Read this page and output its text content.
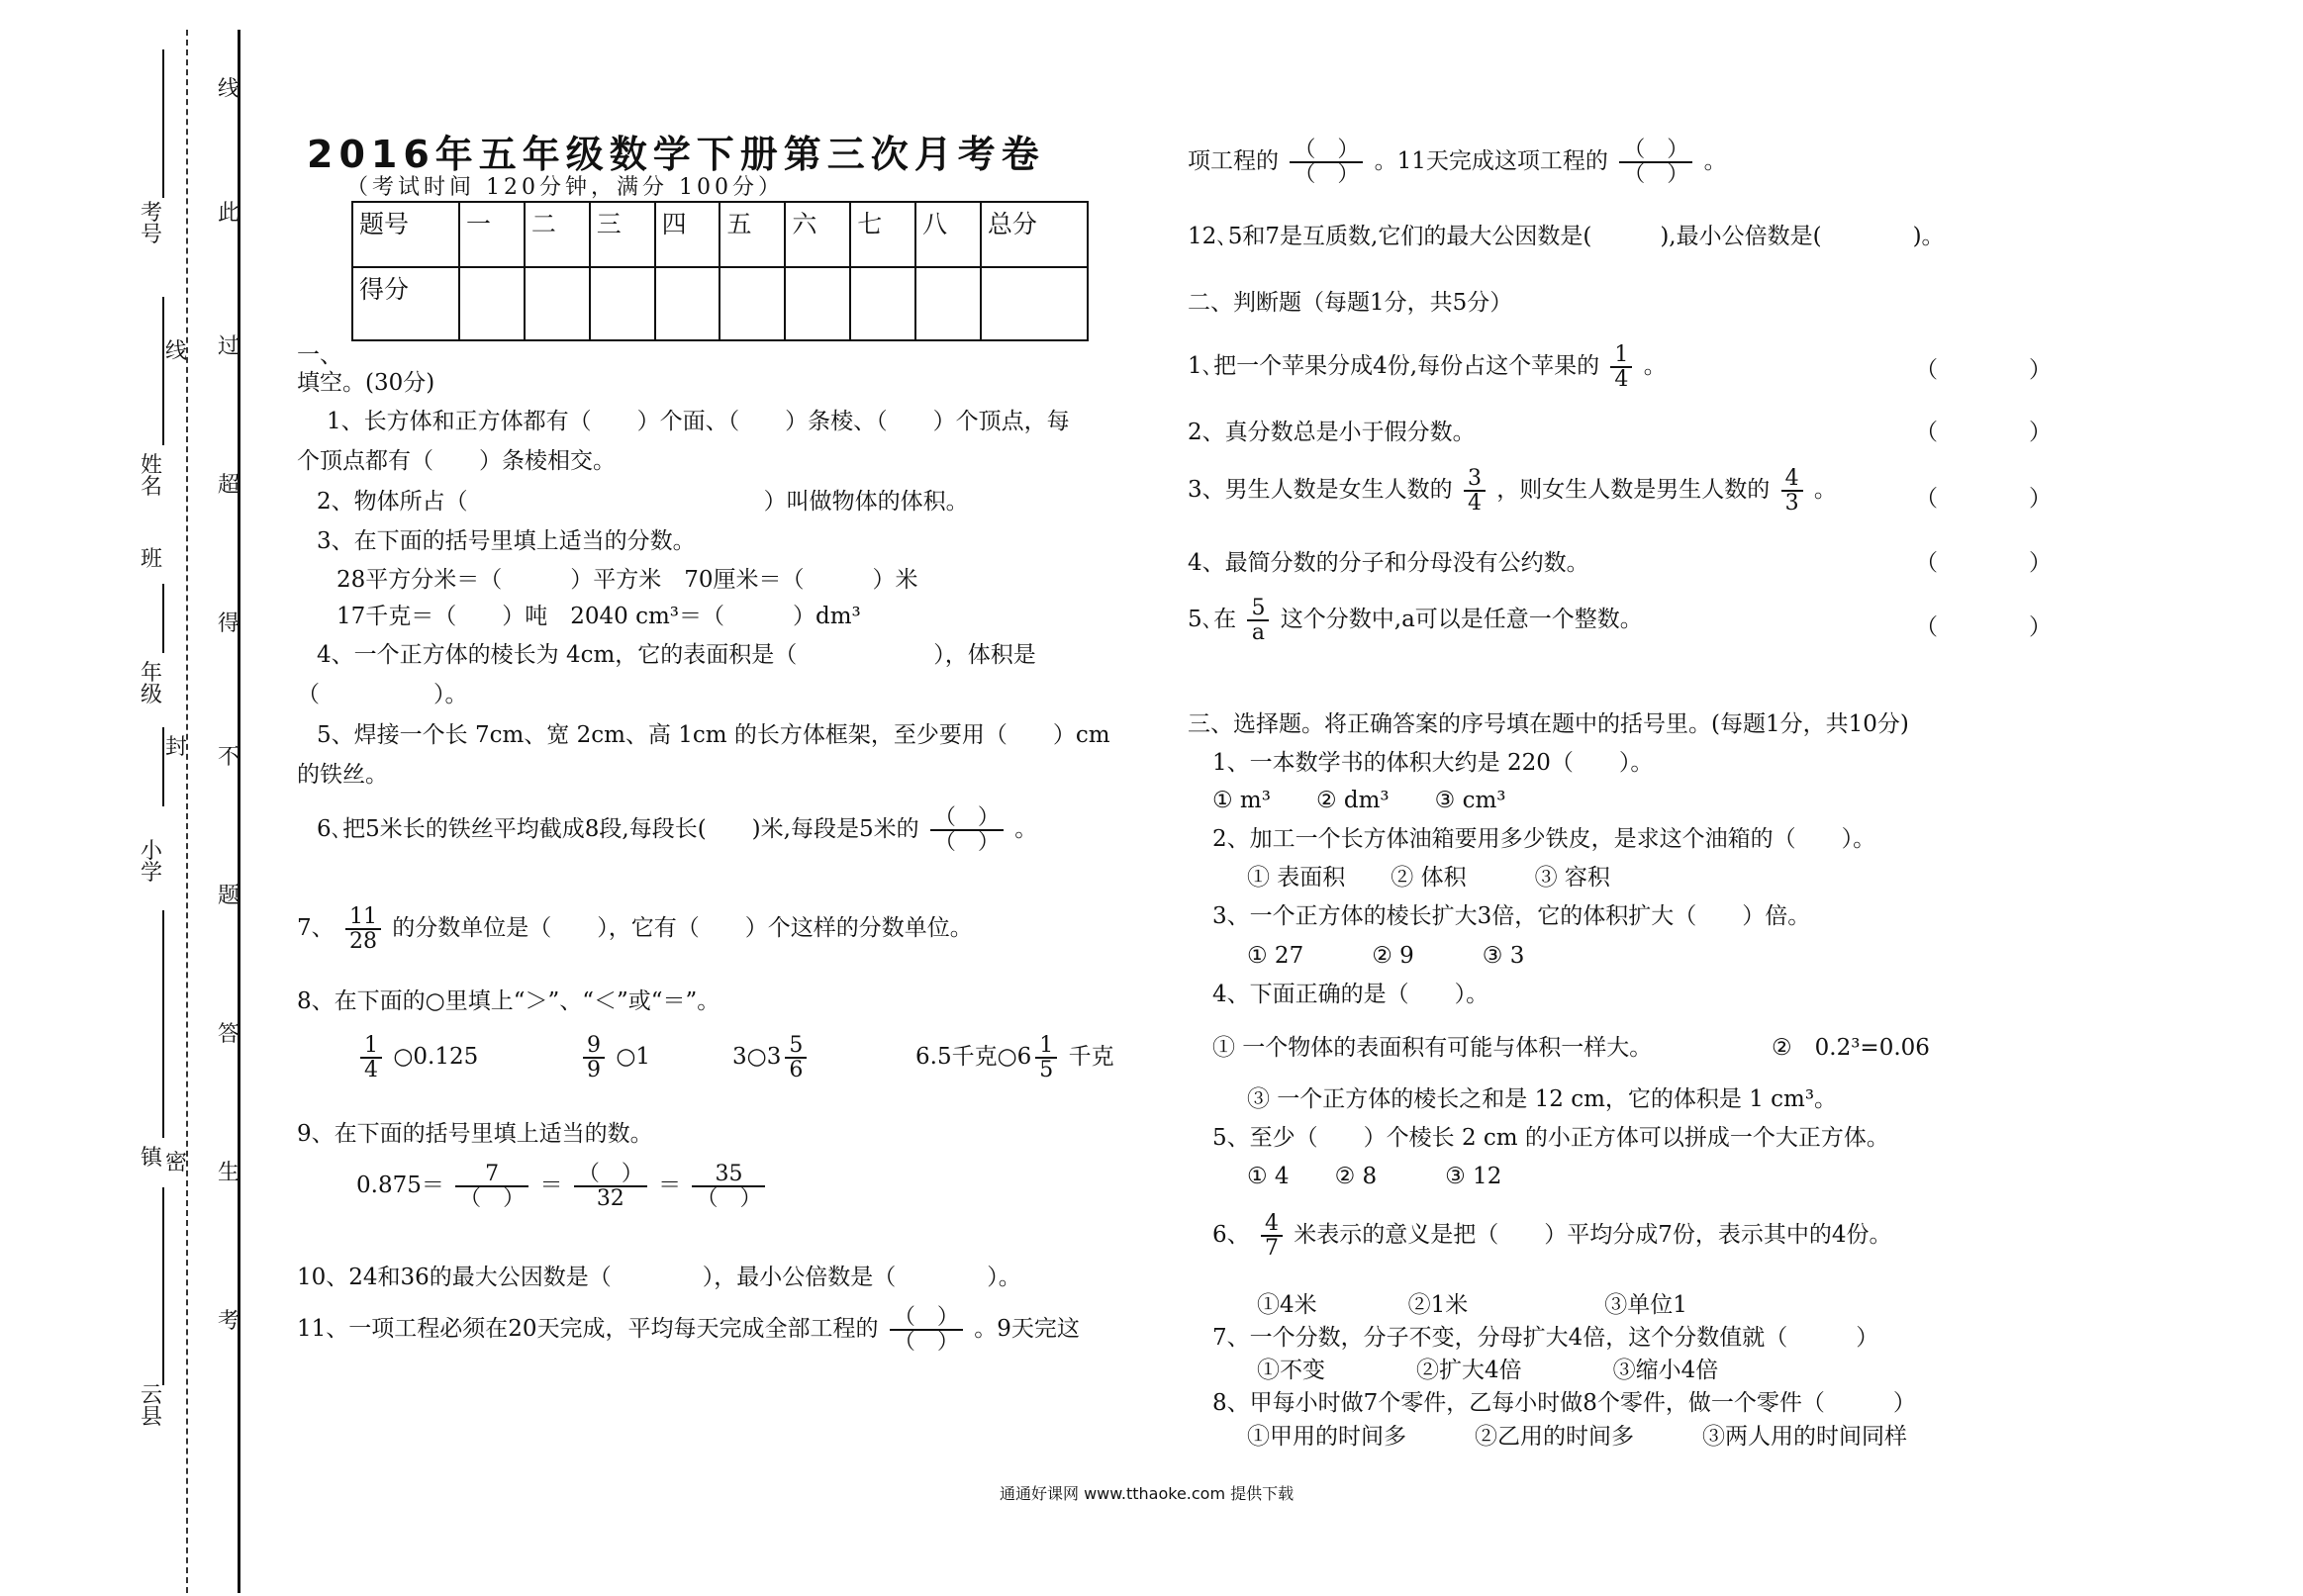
线
此
过
超
得
不
题
答
生
考
线
封
密
考号
姓名
班
年级
小学
镇
云县
2016年五年级数学下册第三次月考卷
（考试时间 120分钟，满分 100分）
题号	一	二	三	四	五	六	七	八	总分
得分									
一、
填空。(30分)
1、长方体和正方体都有（　　）个面、（　　）条棱、（　　）个顶点，每
个顶点都有（　　）条棱相交。
2、物体所占（　　　　　　　　　　　　　）叫做物体的体积。
3、在下面的括号里填上适当的分数。
28平方分米＝（　　　）平方米　70厘米＝（　　　）米
17千克＝（　　）吨　2040 cm³＝（　　　）dm³
4、一个正方体的棱长为 4cm，它的表面积是（　　　　　　），体积是
（　　　　　）。
5、焊接一个长 7cm、宽 2cm、高 1cm 的长方体框架，至少要用（　　）cm
的铁丝。
6､把5米长的铁丝平均截成8段,每段长(　　)米,每段是5米的 $\frac{( )}{( )}$ 。
7、 $\frac{11}{28}$ 的分数单位是（　　），它有（　　）个这样的分数单位。
8、在下面的○里填上“＞”、“＜”或“＝”。
$\frac{1}{4}$ ○0.125	$\frac{9}{9}$ ○1	3○3 $\frac{5}{6}$	6.5千克○6 $\frac{1}{5}$ 千克
9、在下面的括号里填上适当的数。
$0.875= \frac{7}{( )} = \frac{( )}{32} = \frac{35}{( )}$
10、24和36的最大公因数是（　　　　），最小公倍数是（　　　　）。
11、一项工程必须在20天完成，平均每天完成全部工程的 $\frac{( )}{( )}$ 。9天完这
项工程的 $\frac{( )}{( )}$ 。11天完成这项工程的 $\frac{( )}{( )}$ 。
12､5和7是互质数,它们的最大公因数是(　　　),最小公倍数是(　　　　)。
二、判断题（每题1分，共5分）
1､把一个苹果分成4份,每份占这个苹果的 $\frac{1}{4}$ 。	（　　　　）
2、真分数总是小于假分数。	（　　　　）
3、男生人数是女生人数的 $\frac{3}{4}$ ，则女生人数是男生人数的 $\frac{4}{3}$ 。	（　　　　）
4、最简分数的分子和分母没有公约数。	（　　　　）
5､在 $\frac{5}{a}$ 这个分数中,a可以是任意一个整数。	（　　　　）
三、选择题。将正确答案的序号填在题中的括号里。(每题1分，共10分)
1、一本数学书的体积大约是 220（　　）。
① m³　　② dm³　　③ cm³
2、加工一个长方体油箱要用多少铁皮，是求这个油箱的（　　）。
① 表面积　　② 体积　　　③ 容积
3、一个正方体的棱长扩大3倍，它的体积扩大（　　）倍。
① 27　　　② 9　　　③ 3
4、下面正确的是（　　）。
① 一个物体的表面积有可能与体积一样大。	②　0.2³=0.06
③ 一个正方体的棱长之和是 12 cm，它的体积是 1 cm³。
5、至少（　　）个棱长 2 cm 的小正方体可以拼成一个大正方体。
① 4　　② 8　　　③ 12
6、 $\frac{4}{7}$ 米表示的意义是把（　　）平均分成7份，表示其中的4份。
①4米　　　　②1米　　　　　　③单位1
7、一个分数，分子不变，分母扩大4倍，这个分数值就（　　　）
①不变　　　　②扩大4倍　　　　③缩小4倍
8、甲每小时做7个零件，乙每小时做8个零件，做一个零件（　　　）
①甲用的时间多　　　②乙用的时间多　　　③两人用的时间同样
通通好课网 www.tthaoke.com 提供下载
